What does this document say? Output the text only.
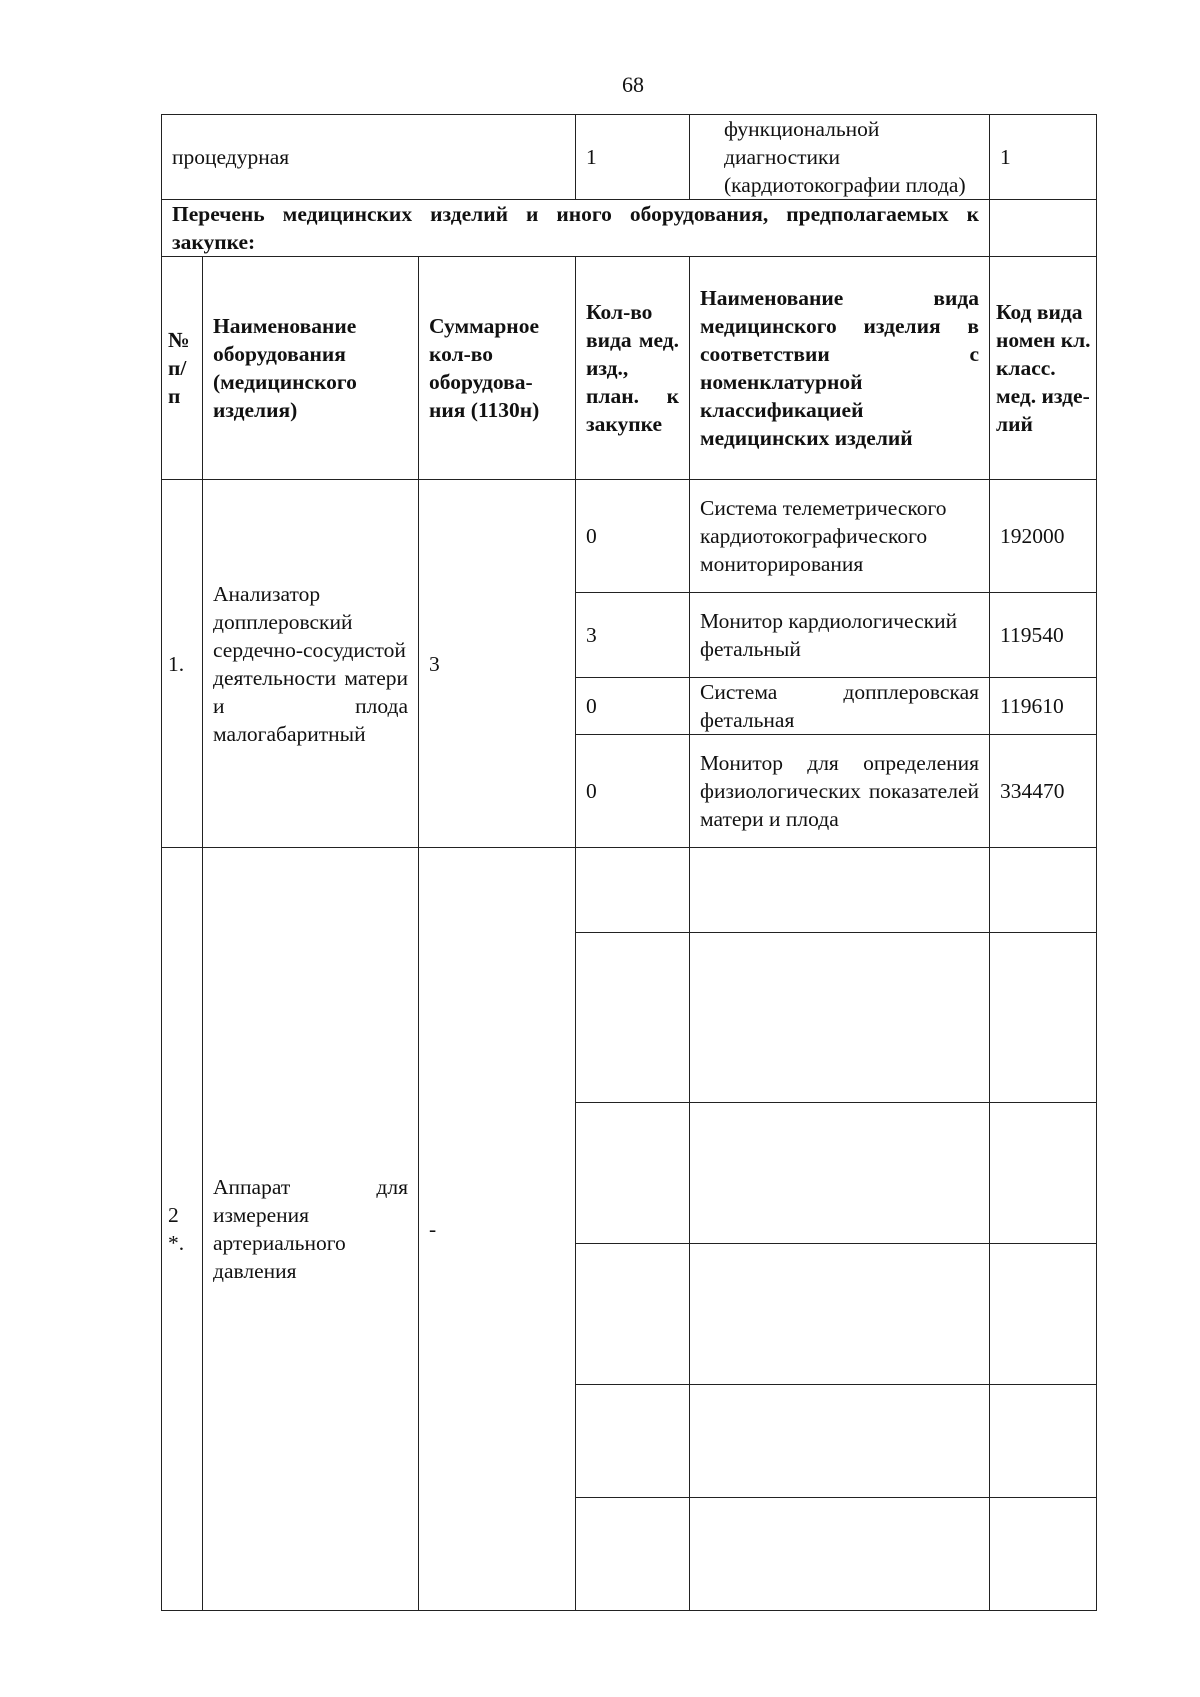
68
процедурная			1	функциональной диагностики (кардиотокографии плода)	1
Перечень медицинских изделий и иного оборудования, предполагаемых к закупке:					
№ п/п	Наименование оборудования (медицинского изделия)	Суммарное кол-во оборудова-ния (1130н)	Кол-во вида мед. изд., план. к закупке	Наименование вида медицинского изделия в соответствии с номенклатурной классификацией медицинских изделий	Код вида номен кл. класс. мед. изде-лий
1.	Анализатор допплеровский сердечно-сосудистой деятельности матери и плода малогабаритный	3	0	Система телеметрического кардиотокографического мониторирования	192000
			3	Монитор кардиологический фетальный	119540
			0	Система допплеровская фетальная	119610
			0	Монитор для определения физиологических показателей матери и плода	334470
2 *.	Аппарат для измерения артериального давления	-			
